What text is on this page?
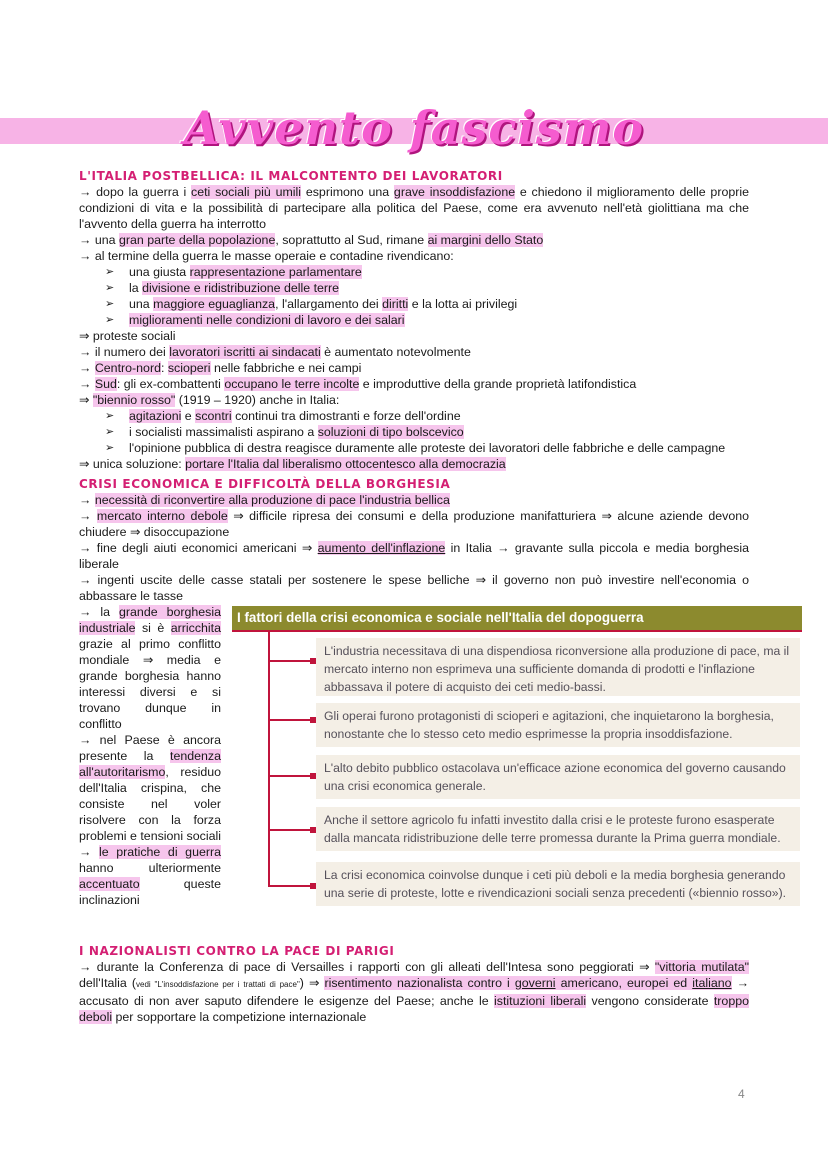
Avvento fascismo
L'ITALIA POSTBELLICA: IL MALCONTENTO DEI LAVORATORI

→ dopo la guerra i ceti sociali più umili esprimono una grave insoddisfazione e chiedono il miglioramento delle proprie condizioni di vita e la possibilità di partecipare alla politica del Paese, come era avvenuto nell'età giolittiana ma che l'avvento della guerra ha interrotto

→ una gran parte della popolazione, soprattutto al Sud, rimane ai margini dello Stato

→ al termine della guerra le masse operaie e contadine rivendicano:

➢ una giusta rappresentazione parlamentare
➢ la divisione e ridistribuzione delle terre
➢ una maggiore eguaglianza, l'allargamento dei diritti e la lotta ai privilegi
➢ miglioramenti nelle condizioni di lavoro e dei salari

⇒ proteste sociali

→ il numero dei lavoratori iscritti ai sindacati è aumentato notevolmente

→ Centro-nord: scioperi nelle fabbriche e nei campi

→ Sud: gli ex-combattenti occupano le terre incolte e improduttive della grande proprietà latifondistica

⇒ "biennio rosso" (1919 – 1920) anche in Italia:

➢ agitazioni e scontri continui tra dimostranti e forze dell'ordine
➢ i socialisti massimalisti aspirano a soluzioni di tipo bolscevico
➢ l'opinione pubblica di destra reagisce duramente alle proteste dei lavoratori delle fabbriche e delle campagne

⇒ unica soluzione: portare l'Italia dal liberalismo ottocentesco alla democrazia

CRISI ECONOMICA E DIFFICOLTÀ DELLA BORGHESIA

→ necessità di riconvertire alla produzione di pace l'industria bellica

→ mercato interno debole ⇒ difficile ripresa dei consumi e della produzione manifatturiera ⇒ alcune aziende devono chiudere ⇒ disoccupazione

→ fine degli aiuti economici americani ⇒ aumento dell'inflazione in Italia → gravante sulla piccola e media borghesia liberale

→ ingenti uscite delle casse statali per sostenere le spese belliche ⇒ il governo non può investire nell'economia o abbassare le tasse

→ la grande borghesia industriale si è arricchita grazie al primo conflitto mondiale ⇒ media e grande borghesia hanno interessi diversi e si trovano dunque in conflitto

→ nel Paese è ancora presente la tendenza all'autoritarismo, residuo dell'Italia crispina, che consiste nel voler risolvere con la forza problemi e tensioni sociali → le pratiche di guerra hanno ulteriormente accentuato queste inclinazioni

I fattori della crisi economica e sociale nell'Italia del dopoguerra
L'industria necessitava di una dispendiosa riconversione alla produzione di pace, ma il mercato interno non esprimeva una sufficiente domanda di prodotti e l'inflazione abbassava il potere di acquisto dei ceti medio-bassi.
Gli operai furono protagonisti di scioperi e agitazioni, che inquietarono la borghesia, nonostante che lo stesso ceto medio esprimesse la propria insoddisfazione.
L'alto debito pubblico ostacolava un'efficace azione economica del governo causando una crisi economica generale.
Anche il settore agricolo fu infatti investito dalla crisi e le proteste furono esasperate dalla mancata ridistribuzione delle terre promessa durante la Prima guerra mondiale.
La crisi economica coinvolse dunque i ceti più deboli e la media borghesia generando una serie di proteste, lotte e rivendicazioni sociali senza precedenti («biennio rosso»).
I NAZIONALISTI CONTRO LA PACE DI PARIGI

→ durante la Conferenza di pace di Versailles i rapporti con gli alleati dell'Intesa sono peggiorati ⇒ "vittoria mutilata" dell'Italia (vedi "L'insoddisfazione per i trattati di pace") ⇒ risentimento nazionalista contro i governi americano, europei ed italiano → accusato di non aver saputo difendere le esigenze del Paese; anche le istituzioni liberali vengono considerate troppo deboli per sopportare la competizione internazionale

4
